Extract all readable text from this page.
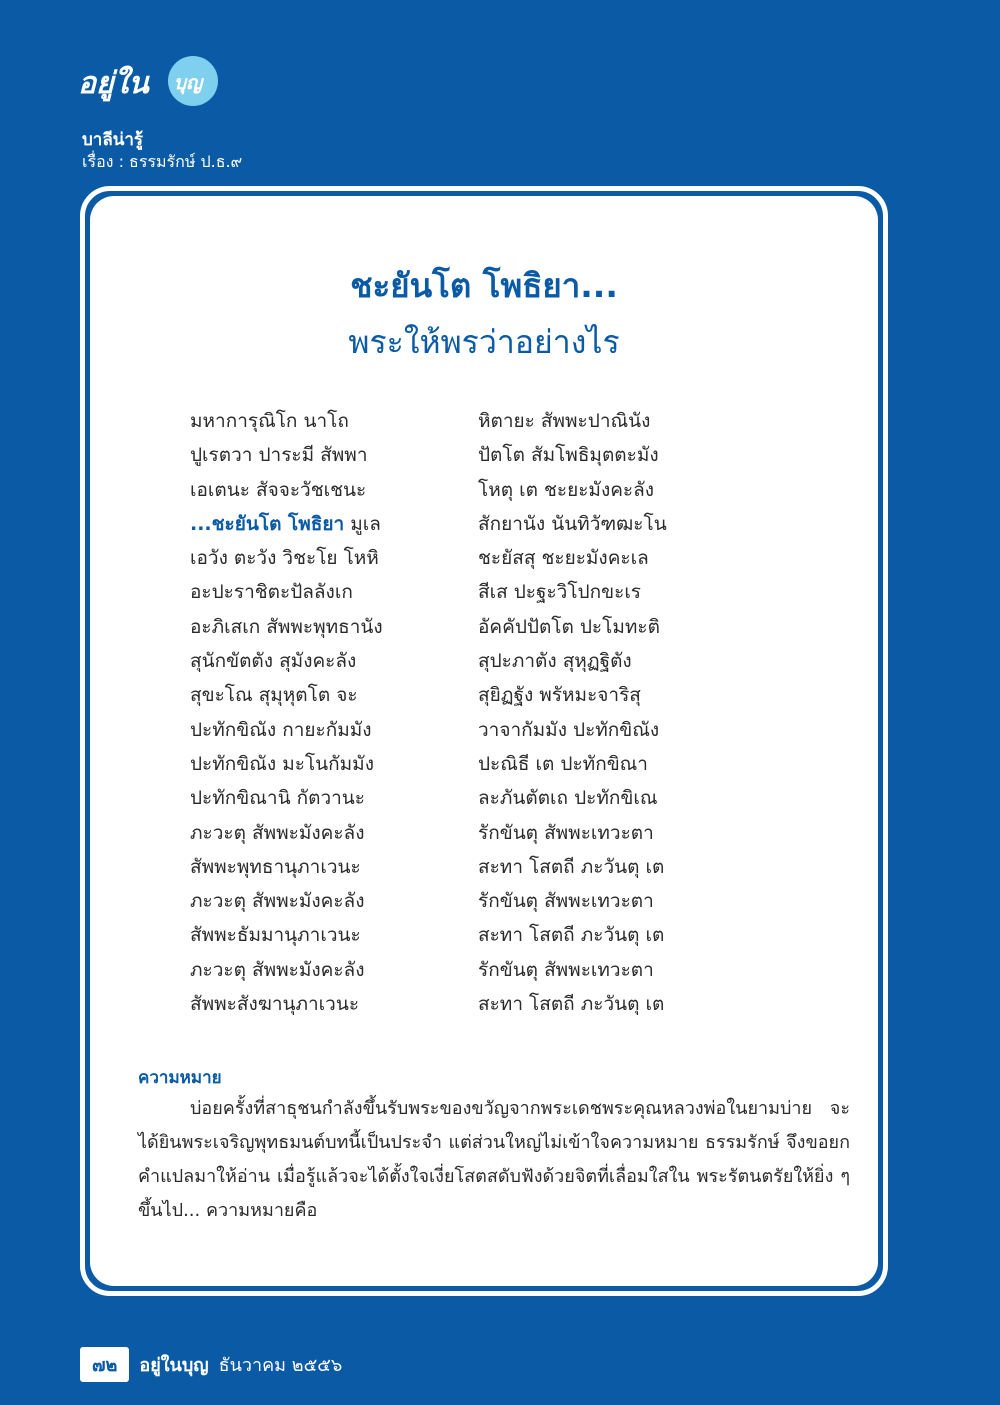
อยู่ใน บุญ
บาลีน่ารู้
เรื่อง : ธรรมรักษ์ ป.ธ.๙
ชะยันโต โพธิยา...
พระให้พรว่าอย่างไร
มหาการุณิโก นาโถ	หิตายะ สัพพะปาณินัง
ปูเรตวา ปาระมี สัพพา	ปัตโต สัมโพธิมุตตะมัง
เอเตนะ สัจจะวัชเชนะ	โหตุ เต ชะยะมังคะลัง
...ชะยันโต โพธิยา มูเล	สักยานัง นันทิวัฑฒะโน
เอวัง ตะวัง วิชะโย โหหิ	ชะยัสสุ ชะยะมังคะเล
อะปะราชิตะปัลลังเก	สีเส ปะฐะวิโปกขะเร
อะภิเสเก สัพพะพุทธานัง	อัคคัปปัตโต ปะโมทะติ
สุนักขัตตัง สุมังคะลัง	สุปะภาตัง สุหุฏฐิตัง
สุขะโณ สุมุหุตโต จะ	สุยิฏฐัง พรัหมะจาริสุ
ปะทักขิณัง กายะกัมมัง	วาจากัมมัง ปะทักขิณัง
ปะทักขิณัง มะโนกัมมัง	ปะณิธี เต ปะทักขิณา
ปะทักขิณานิ กัตวานะ	ละภันตัตเถ ปะทักขิเณ
ภะวะตุ สัพพะมังคะลัง	รักขันตุ สัพพะเทวะตา
สัพพะพุทธานุภาเวนะ	สะทา โสตถี ภะวันตุ เต
ภะวะตุ สัพพะมังคะลัง	รักขันตุ สัพพะเทวะตา
สัพพะธัมมานุภาเวนะ	สะทา โสตถี ภะวันตุ เต
ภะวะตุ สัพพะมังคะลัง	รักขันตุ สัพพะเทวะตา
สัพพะสังฆานุภาเวนะ	สะทา โสตถี ภะวันตุ เต
ความหมาย

บ่อยครั้งที่สาธุชนกำลังขึ้นรับพระของขวัญจากพระเดชพระคุณหลวงพ่อในยามบ่าย จะได้ยินพระเจริญพุทธมนต์บทนี้เป็นประจำ แต่ส่วนใหญ่ไม่เข้าใจความหมาย ธรรมรักษ์ จึงขอยกคำแปลมาให้อ่าน เมื่อรู้แล้วจะได้ตั้งใจเงี่ยโสตสดับฟังด้วยจิตที่เลื่อมใสใน พระรัตนตรัยให้ยิ่ง ๆ ขึ้นไป... ความหมายคือ

๗๒	อยู่ในบุญ ธันวาคม ๒๕๕๖
